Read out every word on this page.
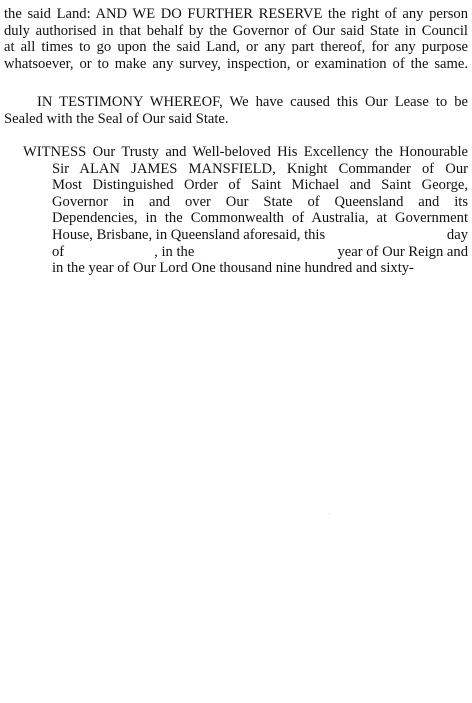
the said Land: AND WE DO FURTHER RESERVE the right of any person
duly authorised in that behalf by the Governor of Our said State in Council
at all times to go upon the said Land, or any part thereof, for any purpose
whatsoever, or to make any survey, inspection, or examination of the same.
IN TESTIMONY WHEREOF, We have caused this Our Lease to be
Sealed with the Seal of Our said State.
WITNESS Our Trusty and Well-beloved His Excellency the Honourable
Sir ALAN JAMES MANSFIELD, Knight Commander of Our
Most Distinguished Order of Saint Michael and Saint George,
Governor in and over Our State of Queensland and its
Dependencies, in the Commonwealth of Australia, at Government
House, Brisbane, in Queensland aforesaid, this	day
of	, in the	year of Our Reign and
in the year of Our Lord One thousand nine hundred and sixty-
